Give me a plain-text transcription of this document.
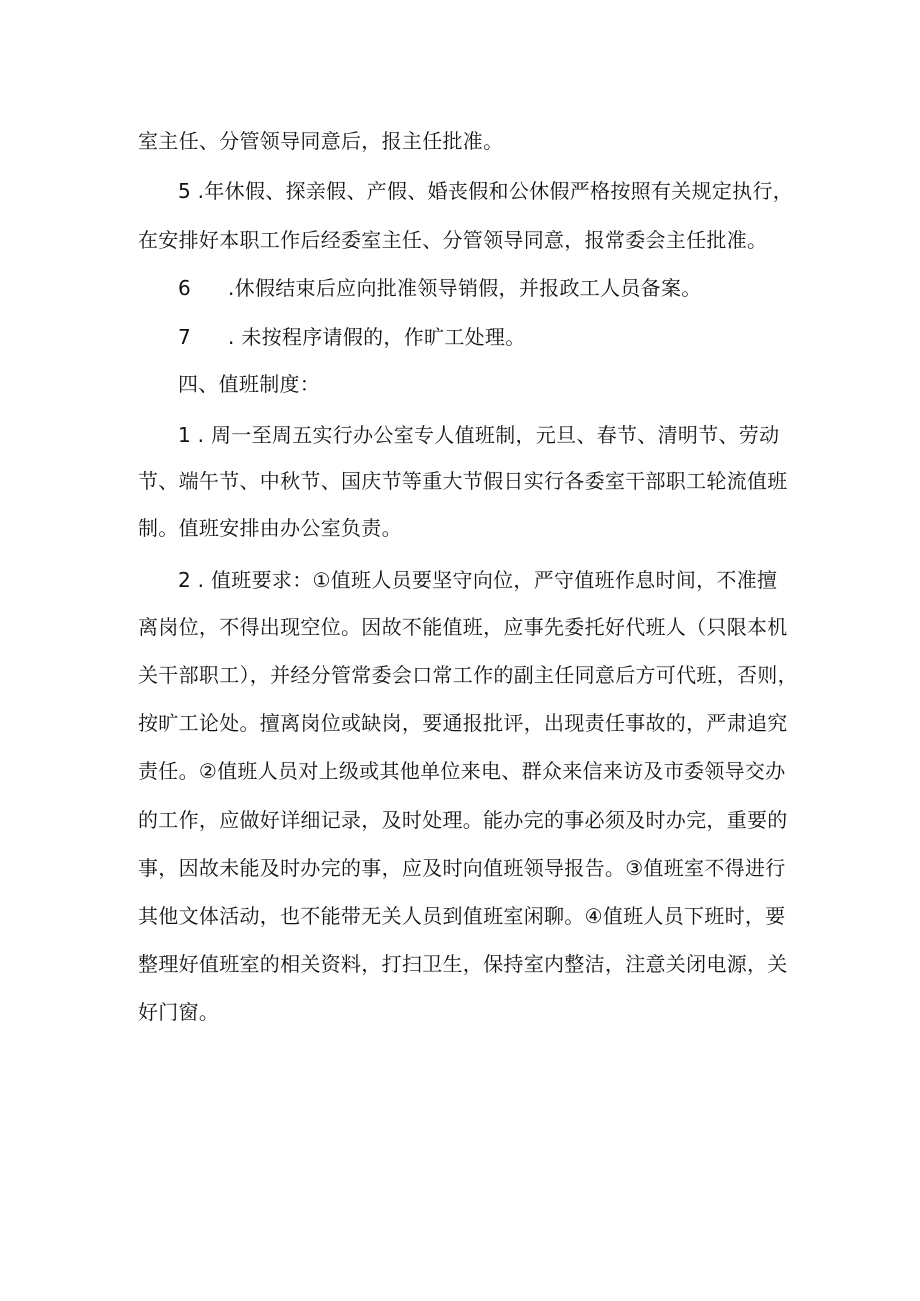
室主任、分管领导同意后，报主任批准。
5 .年休假、探亲假、产假、婚丧假和公休假严格按照有关规定执行，
在安排好本职工作后经委室主任、分管领导同意，报常委会主任批准。
6 .休假结束后应向批准领导销假，并报政工人员备案。
7 . 未按程序请假的，作旷工处理。
四、值班制度：
1 . 周一至周五实行办公室专人值班制，元旦、春节、清明节、劳动
节、端午节、中秋节、国庆节等重大节假日实行各委室干部职工轮流值班
制。值班安排由办公室负责。
2 . 值班要求：①值班人员要坚守向位，严守值班作息时间，不准擅
离岗位，不得出现空位。因故不能值班，应事先委托好代班人（只限本机
关干部职工），并经分管常委会口常工作的副主任同意后方可代班，否则，
按旷工论处。擅离岗位或缺岗，要通报批评，出现责任事故的，严肃追究
责任。②值班人员对上级或其他单位来电、群众来信来访及市委领导交办
的工作，应做好详细记录，及时处理。能办完的事必须及时办完，重要的
事，因故未能及时办完的事，应及时向值班领导报告。③值班室不得进行
其他文体活动，也不能带无关人员到值班室闲聊。④值班人员下班时，要
整理好值班室的相关资料，打扫卫生，保持室内整洁，注意关闭电源，关
好门窗。
